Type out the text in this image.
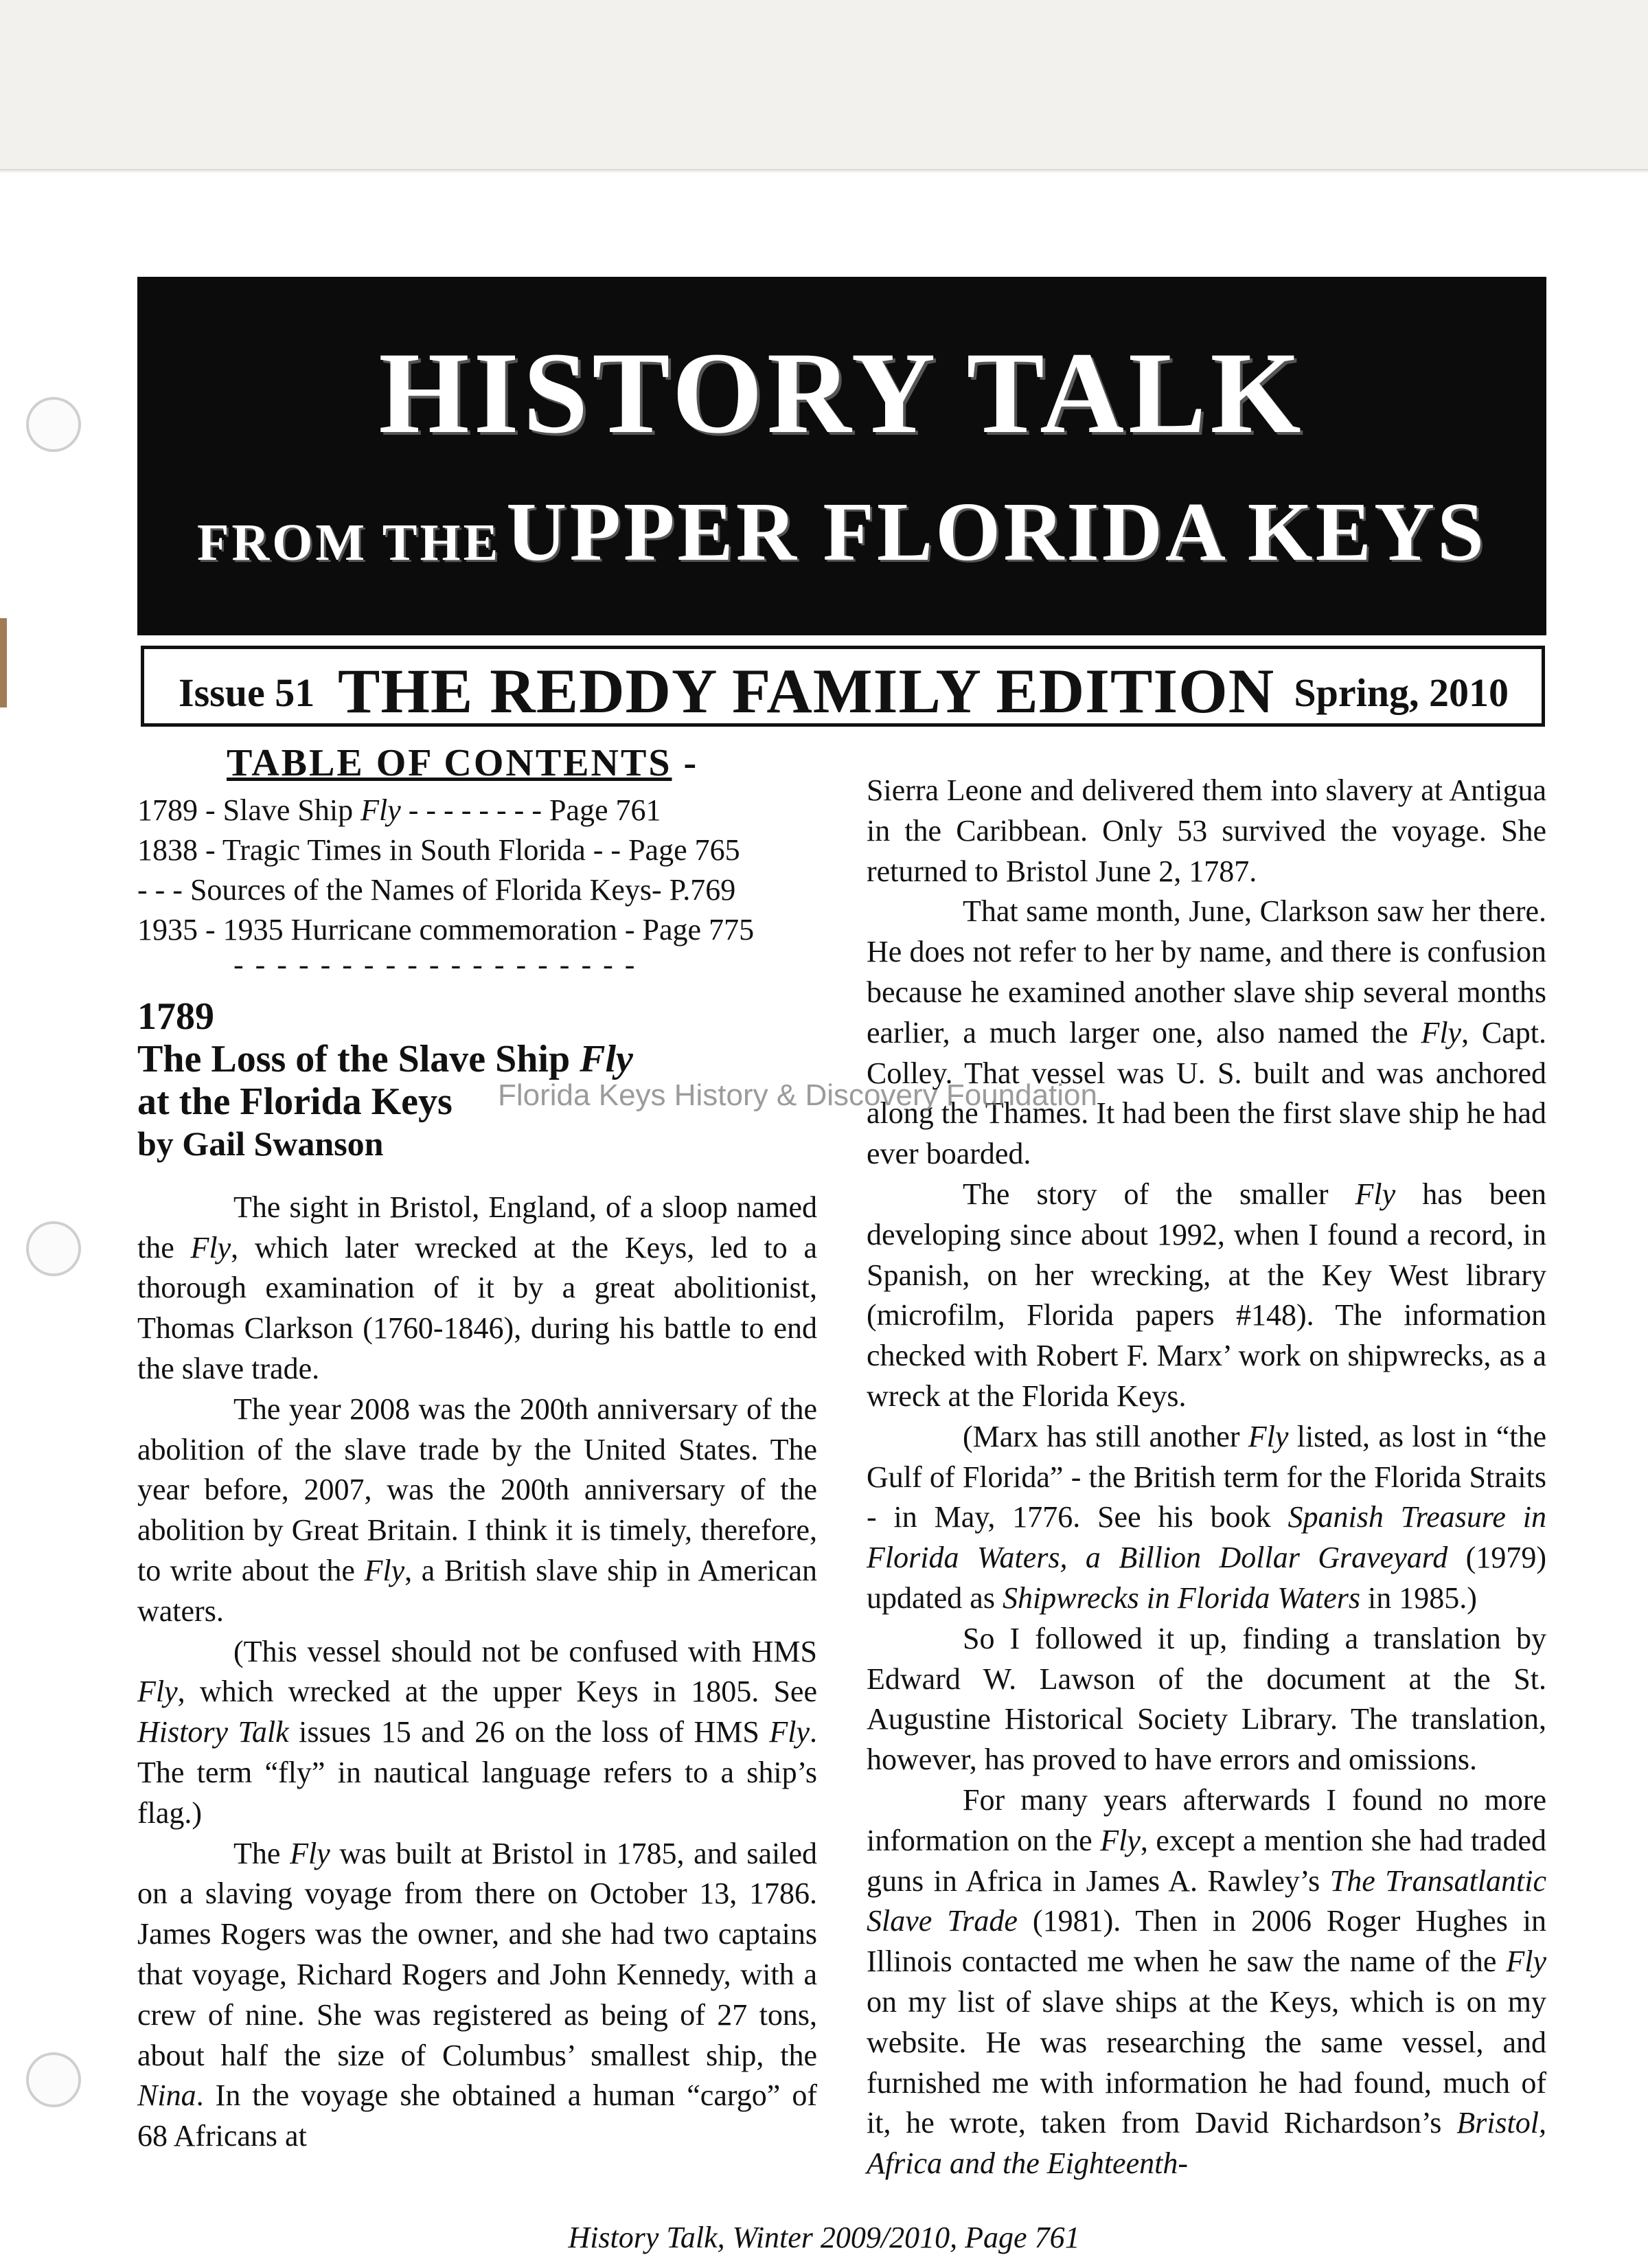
HISTORY TALK
FROM THE UPPER FLORIDA KEYS
Issue 51 THE REDDY FAMILY EDITION Spring, 2010
TABLE OF CONTENTS -

1789 - Slave Ship Fly - - - - - - - - Page 761

1838 - Tragic Times in South Florida - - Page 765

- - - Sources of the Names of Florida Keys- P.769

1935 - 1935 Hurricane commemoration - Page 775

- - - - - - - - - - - - - - - - - - -

1789

The Loss of the Slave Ship Fly

at the Florida Keys

by Gail Swanson

The sight in Bristol, England, of a sloop named the Fly, which later wrecked at the Keys, led to a thorough examination of it by a great abolitionist, Thomas Clarkson (1760-1846), during his battle to end the slave trade.

The year 2008 was the 200th anniversary of the abolition of the slave trade by the United States. The year before, 2007, was the 200th anniversary of the abolition by Great Britain. I think it is timely, therefore, to write about the Fly, a British slave ship in American waters.

(This vessel should not be confused with HMS Fly, which wrecked at the upper Keys in 1805. See History Talk issues 15 and 26 on the loss of HMS Fly. The term “fly” in nautical language refers to a ship’s flag.)

The Fly was built at Bristol in 1785, and sailed on a slaving voyage from there on October 13, 1786. James Rogers was the owner, and she had two captains that voyage, Richard Rogers and John Kennedy, with a crew of nine. She was registered as being of 27 tons, about half the size of Columbus’ smallest ship, the Nina. In the voyage she obtained a human “cargo” of 68 Africans at

Sierra Leone and delivered them into slavery at Antigua in the Caribbean. Only 53 survived the voyage. She returned to Bristol June 2, 1787.

That same month, June, Clarkson saw her there. He does not refer to her by name, and there is confusion because he examined another slave ship several months earlier, a much larger one, also named the Fly, Capt. Colley. That vessel was U. S. built and was anchored along the Thames. It had been the first slave ship he had ever boarded.

The story of the smaller Fly has been developing since about 1992, when I found a record, in Spanish, on her wrecking, at the Key West library (microfilm, Florida papers #148). The information checked with Robert F. Marx’ work on shipwrecks, as a wreck at the Florida Keys.

(Marx has still another Fly listed, as lost in “the Gulf of Florida” - the British term for the Florida Straits - in May, 1776. See his book Spanish Treasure in Florida Waters, a Billion Dollar Graveyard (1979) updated as Shipwrecks in Florida Waters in 1985.)

So I followed it up, finding a translation by Edward W. Lawson of the document at the St. Augustine Historical Society Library. The translation, however, has proved to have errors and omissions.

For many years afterwards I found no more information on the Fly, except a mention she had traded guns in Africa in James A. Rawley’s The Transatlantic Slave Trade (1981). Then in 2006 Roger Hughes in Illinois contacted me when he saw the name of the Fly on my list of slave ships at the Keys, which is on my website. He was researching the same vessel, and furnished me with information he had found, much of it, he wrote, taken from David Richardson’s Bristol, Africa and the Eighteenth-

Florida Keys History & Discovery Foundation
History Talk, Winter 2009/2010, Page 761
